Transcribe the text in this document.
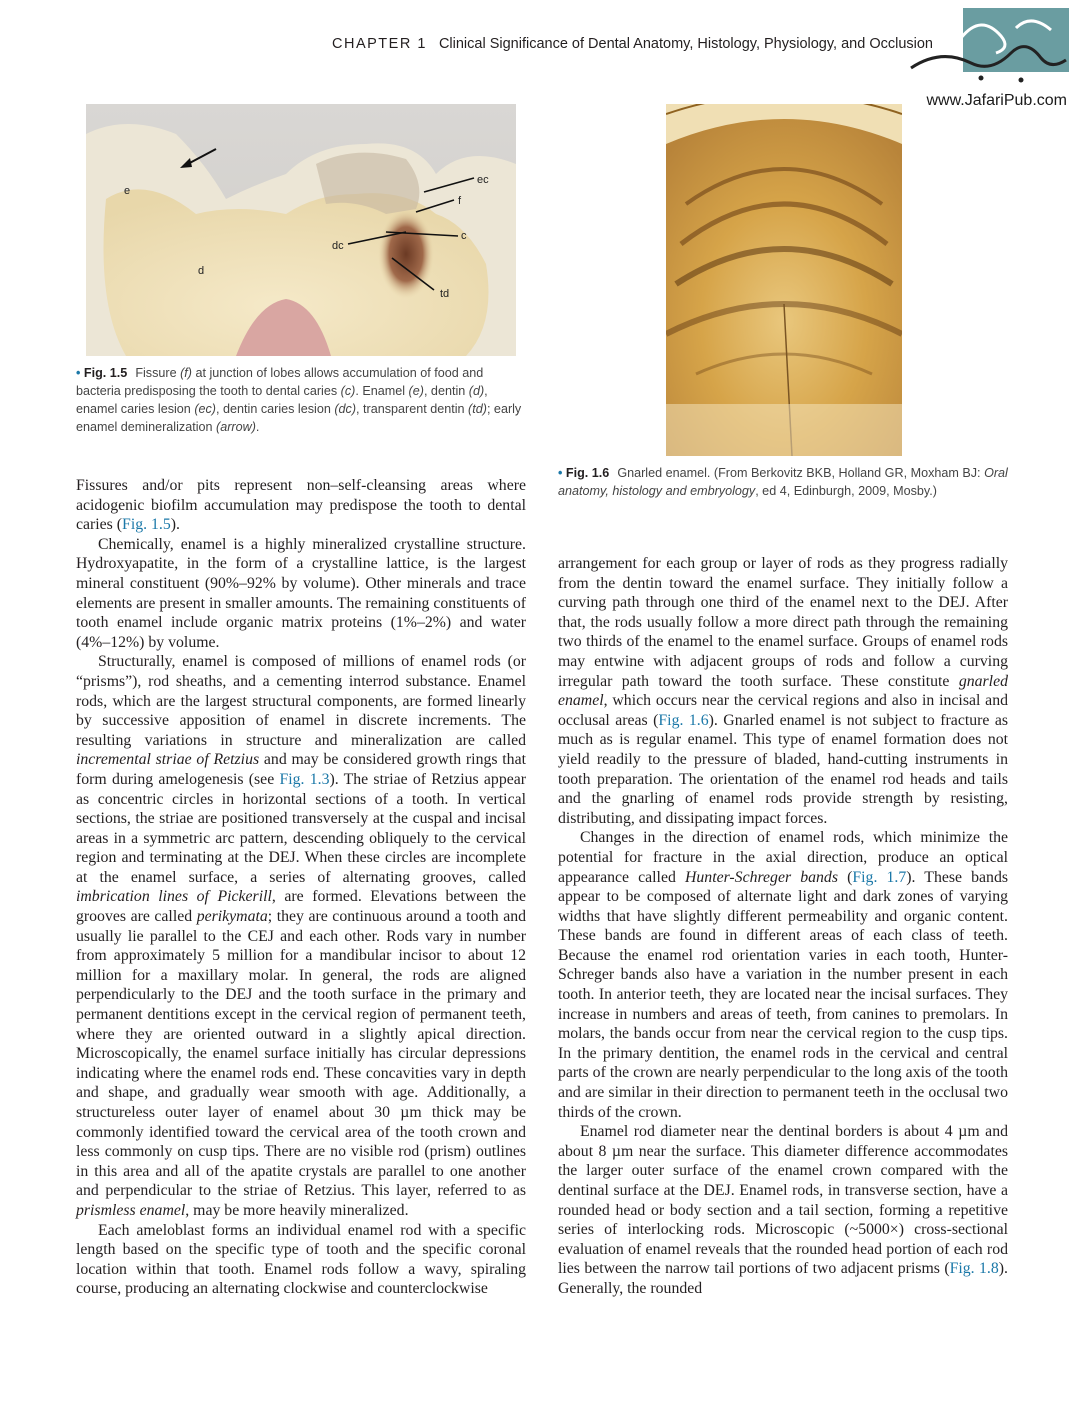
CHAPTER 1 Clinical Significance of Dental Anatomy, Histology, Physiology, and Occlusion
www.JafariPub.com
e
d
ec
f
c
dc
td
• Fig. 1.5 Fissure (f) at junction of lobes allows accumulation of food and bacteria predisposing the tooth to dental caries (c). Enamel (e), dentin (d), enamel caries lesion (ec), dentin caries lesion (dc), transparent dentin (td); early enamel demineralization (arrow).
• Fig. 1.6 Gnarled enamel. (From Berkovitz BKB, Holland GR, Moxham BJ: Oral anatomy, histology and embryology, ed 4, Edinburgh, 2009, Mosby.)

Fissures and/or pits represent non–self-cleansing areas where acidogenic biofilm accumulation may predispose the tooth to dental caries (Fig. 1.5).

Chemically, enamel is a highly mineralized crystalline structure. Hydroxyapatite, in the form of a crystalline lattice, is the largest mineral constituent (90%–92% by volume). Other minerals and trace elements are present in smaller amounts. The remaining constituents of tooth enamel include organic matrix proteins (1%–2%) and water (4%–12%) by volume.

Structurally, enamel is composed of millions of enamel rods (or “prisms”), rod sheaths, and a cementing interrod substance. Enamel rods, which are the largest structural components, are formed linearly by successive apposition of enamel in discrete increments. The resulting variations in structure and mineralization are called incremental striae of Retzius and may be considered growth rings that form during amelogenesis (see Fig. 1.3). The striae of Retzius appear as concentric circles in horizontal sections of a tooth. In vertical sections, the striae are positioned transversely at the cuspal and incisal areas in a symmetric arc pattern, descending obliquely to the cervical region and terminating at the DEJ. When these circles are incomplete at the enamel surface, a series of alternating grooves, called imbrication lines of Pickerill, are formed. Elevations between the grooves are called perikymata; they are continuous around a tooth and usually lie parallel to the CEJ and each other. Rods vary in number from approximately 5 million for a mandibular incisor to about 12 million for a maxillary molar. In general, the rods are aligned perpendicularly to the DEJ and the tooth surface in the primary and permanent dentitions except in the cervical region of permanent teeth, where they are oriented outward in a slightly apical direction. Microscopically, the enamel surface initially has circular depressions indicating where the enamel rods end. These concavities vary in depth and shape, and gradually wear smooth with age. Additionally, a structureless outer layer of enamel about 30 µm thick may be commonly identified toward the cervical area of the tooth crown and less commonly on cusp tips. There are no visible rod (prism) outlines in this area and all of the apatite crystals are parallel to one another and perpendicular to the striae of Retzius. This layer, referred to as prismless enamel, may be more heavily mineralized.

Each ameloblast forms an individual enamel rod with a specific length based on the specific type of tooth and the specific coronal location within that tooth. Enamel rods follow a wavy, spiraling course, producing an alternating clockwise and counterclockwise

arrangement for each group or layer of rods as they progress radially from the dentin toward the enamel surface. They initially follow a curving path through one third of the enamel next to the DEJ. After that, the rods usually follow a more direct path through the remaining two thirds of the enamel to the enamel surface. Groups of enamel rods may entwine with adjacent groups of rods and follow a curving irregular path toward the tooth surface. These constitute gnarled enamel, which occurs near the cervical regions and also in incisal and occlusal areas (Fig. 1.6). Gnarled enamel is not subject to fracture as much as is regular enamel. This type of enamel formation does not yield readily to the pressure of bladed, hand-cutting instruments in tooth preparation. The orientation of the enamel rod heads and tails and the gnarling of enamel rods provide strength by resisting, distributing, and dissipating impact forces.

Changes in the direction of enamel rods, which minimize the potential for fracture in the axial direction, produce an optical appearance called Hunter-Schreger bands (Fig. 1.7). These bands appear to be composed of alternate light and dark zones of varying widths that have slightly different permeability and organic content. These bands are found in different areas of each class of teeth. Because the enamel rod orientation varies in each tooth, Hunter-Schreger bands also have a variation in the number present in each tooth. In anterior teeth, they are located near the incisal surfaces. They increase in numbers and areas of teeth, from canines to premolars. In molars, the bands occur from near the cervical region to the cusp tips. In the primary dentition, the enamel rods in the cervical and central parts of the crown are nearly perpendicular to the long axis of the tooth and are similar in their direction to permanent teeth in the occlusal two thirds of the crown.

Enamel rod diameter near the dentinal borders is about 4 µm and about 8 µm near the surface. This diameter difference accommodates the larger outer surface of the enamel crown compared with the dentinal surface at the DEJ. Enamel rods, in transverse section, have a rounded head or body section and a tail section, forming a repetitive series of interlocking rods. Microscopic (~5000×) cross-sectional evaluation of enamel reveals that the rounded head portion of each rod lies between the narrow tail portions of two adjacent prisms (Fig. 1.8). Generally, the rounded
